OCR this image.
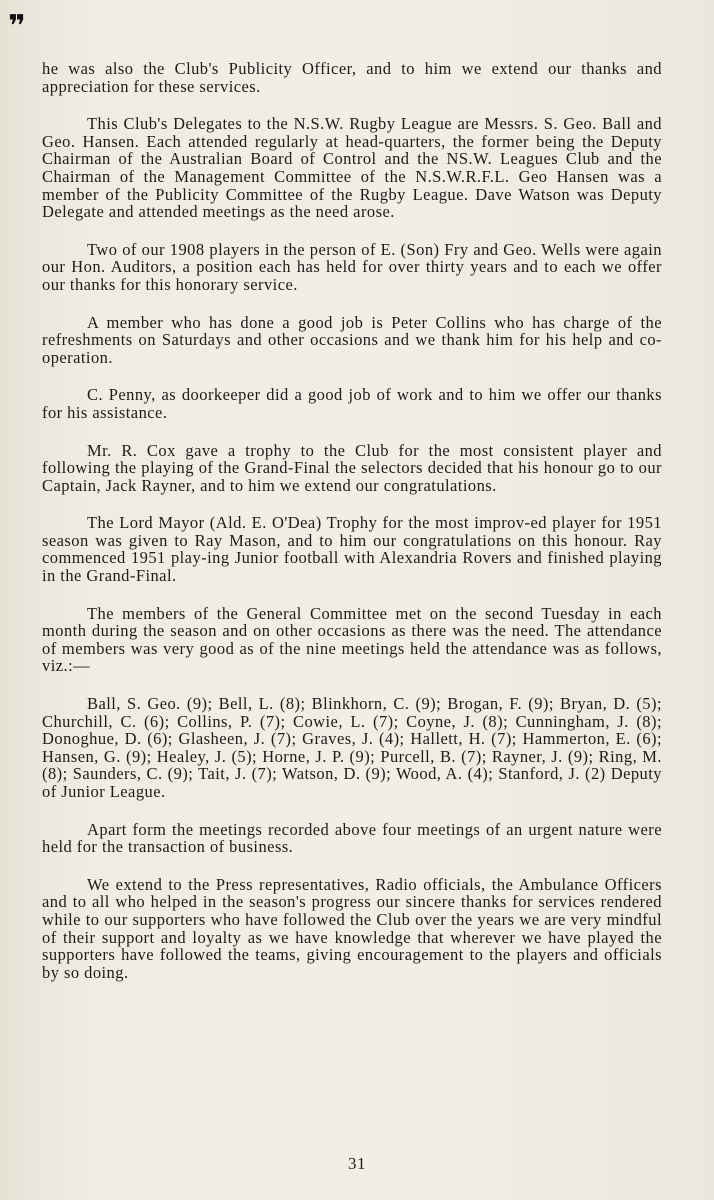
❞

he was also the Club's Publicity Officer, and to him we extend our thanks and appreciation for these services.

This Club's Delegates to the N.S.W. Rugby League are Messrs. S. Geo. Ball and Geo. Hansen. Each attended regularly at head-quarters, the former being the Deputy Chairman of the Australian Board of Control and the NS.W. Leagues Club and the Chairman of the Management Committee of the N.S.W.R.F.L. Geo Hansen was a member of the Publicity Committee of the Rugby League. Dave Watson was Deputy Delegate and attended meetings as the need arose.

Two of our 1908 players in the person of E. (Son) Fry and Geo. Wells were again our Hon. Auditors, a position each has held for over thirty years and to each we offer our thanks for this honorary service.

A member who has done a good job is Peter Collins who has charge of the refreshments on Saturdays and other occasions and we thank him for his help and co-operation.

C. Penny, as doorkeeper did a good job of work and to him we offer our thanks for his assistance.

Mr. R. Cox gave a trophy to the Club for the most consistent player and following the playing of the Grand-Final the selectors decided that his honour go to our Captain, Jack Rayner, and to him we extend our congratulations.

The Lord Mayor (Ald. E. O'Dea) Trophy for the most improv-ed player for 1951 season was given to Ray Mason, and to him our congratulations on this honour. Ray commenced 1951 play-ing Junior football with Alexandria Rovers and finished playing in the Grand-Final.

The members of the General Committee met on the second Tuesday in each month during the season and on other occasions as there was the need. The attendance of members was very good as of the nine meetings held the attendance was as follows, viz.:—

Ball, S. Geo. (9); Bell, L. (8); Blinkhorn, C. (9); Brogan, F. (9); Bryan, D. (5); Churchill, C. (6); Collins, P. (7); Cowie, L. (7); Coyne, J. (8); Cunningham, J. (8); Donoghue, D. (6); Glasheen, J. (7); Graves, J. (4); Hallett, H. (7); Hammerton, E. (6); Hansen, G. (9); Healey, J. (5); Horne, J. P. (9); Purcell, B. (7); Rayner, J. (9); Ring, M. (8); Saunders, C. (9); Tait, J. (7); Watson, D. (9); Wood, A. (4); Stanford, J. (2) Deputy of Junior League.

Apart form the meetings recorded above four meetings of an urgent nature were held for the transaction of business.

We extend to the Press representatives, Radio officials, the Ambulance Officers and to all who helped in the season's progress our sincere thanks for services rendered while to our supporters who have followed the Club over the years we are very mindful of their support and loyalty as we have knowledge that wherever we have played the supporters have followed the teams, giving encouragement to the players and officials by so doing.

31
